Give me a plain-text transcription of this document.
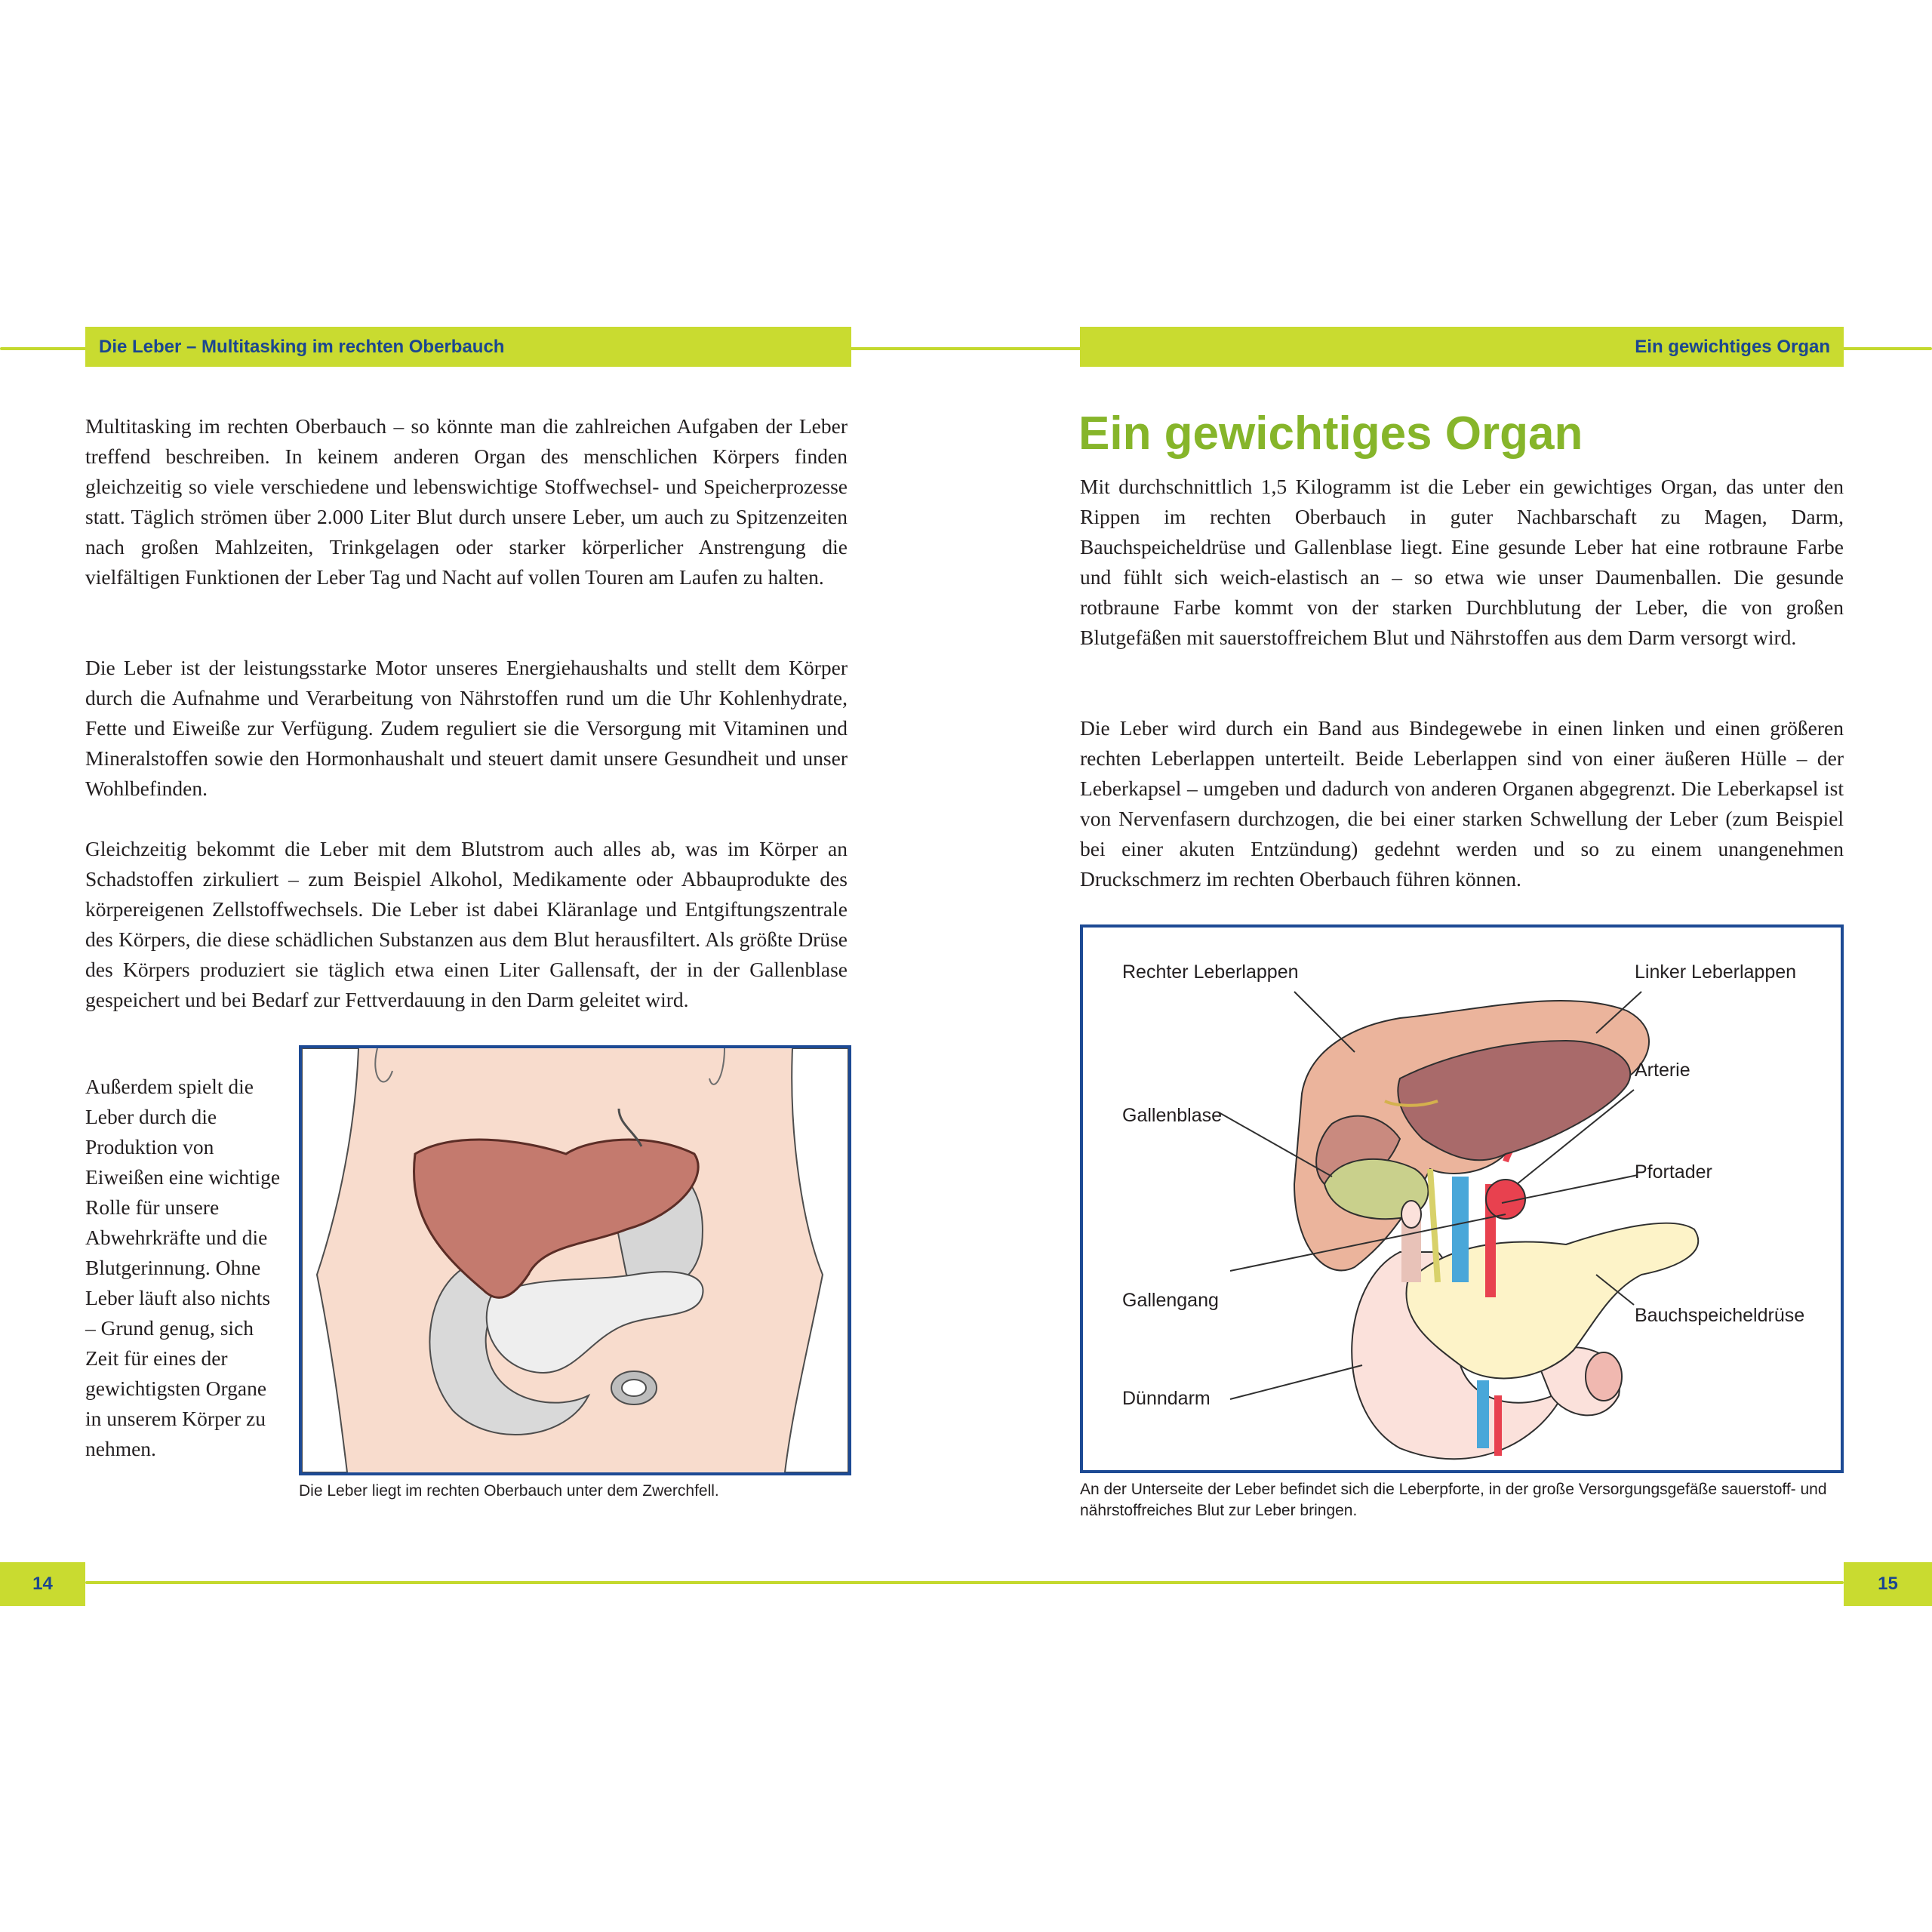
Die Leber – Multitasking im rechten Oberbauch	Ein gewichtiges Organ

Multitasking im rechten Oberbauch – so könnte man die zahlreichen Aufgaben der Leber treffend beschreiben. In keinem anderen Organ des menschlichen Körpers finden gleichzeitig so viele verschiedene und lebenswichtige Stoffwechsel- und Speicherprozesse statt. Täglich strömen über 2.000 Liter Blut durch unsere Leber, um auch zu Spitzenzeiten nach großen Mahlzeiten, Trinkgelagen oder starker körperlicher Anstrengung die vielfältigen Funktionen der Leber Tag und Nacht auf vollen Touren am Laufen zu halten.

Die Leber ist der leistungsstarke Motor unseres Energiehaushalts und stellt dem Körper durch die Aufnahme und Verarbeitung von Nährstoffen rund um die Uhr Kohlenhydrate, Fette und Eiweiße zur Verfügung. Zudem reguliert sie die Versorgung mit Vitaminen und Mineralstoffen sowie den Hormonhaushalt und steuert damit unsere Gesundheit und unser Wohlbefinden.

Gleichzeitig bekommt die Leber mit dem Blutstrom auch alles ab, was im Körper an Schadstoffen zirkuliert – zum Beispiel Alkohol, Medikamente oder Abbauprodukte des körpereigenen Zellstoffwechsels. Die Leber ist dabei Kläranlage und Entgiftungszentrale des Körpers, die diese schädlichen Substanzen aus dem Blut herausfiltert. Als größte Drüse des Körpers produziert sie täglich etwa einen Liter Gallensaft, der in der Gallenblase gespeichert und bei Bedarf zur Fettverdauung in den Darm geleitet wird.

Außerdem spielt die Leber durch die Produktion von Eiweißen eine wichtige Rolle für unsere Abwehrkräfte und die Blutgerinnung. Ohne Leber läuft also nichts – Grund genug, sich Zeit für eines der gewichtigsten Organe in unserem Körper zu nehmen.

Die Leber liegt im rechten Oberbauch unter dem Zwerchfell.

Ein gewichtiges Organ

Mit durchschnittlich 1,5 Kilogramm ist die Leber ein gewichtiges Organ, das unter den Rippen im rechten Oberbauch in guter Nachbarschaft zu Magen, Darm, Bauchspeicheldrüse und Gallenblase liegt. Eine gesunde Leber hat eine rotbraune Farbe und fühlt sich weich-elastisch an – so etwa wie unser Daumenballen. Die gesunde rotbraune Farbe kommt von der starken Durchblutung der Leber, die von großen Blutgefäßen mit sauerstoffreichem Blut und Nährstoffen aus dem Darm versorgt wird.

Die Leber wird durch ein Band aus Bindegewebe in einen linken und einen größeren rechten Leberlappen unterteilt. Beide Leberlappen sind von einer äußeren Hülle – der Leberkapsel – umgeben und dadurch von anderen Organen abgegrenzt. Die Leberkapsel ist von Nervenfasern durchzogen, die bei einer starken Schwellung der Leber (zum Beispiel bei einer akuten Entzündung) gedehnt werden und so zu einem unangenehmen Druckschmerz im rechten Oberbauch führen können.

Rechter Leberlappen	Linker Leberlappen
Arterie
Gallenblase
Pfortader
Gallengang
Bauchspeicheldrüse
Dünndarm

An der Unterseite der Leber befindet sich die Leberpforte, in der große Versorgungsgefäße sauerstoff- und nährstoffreiches Blut zur Leber bringen.

14	15
